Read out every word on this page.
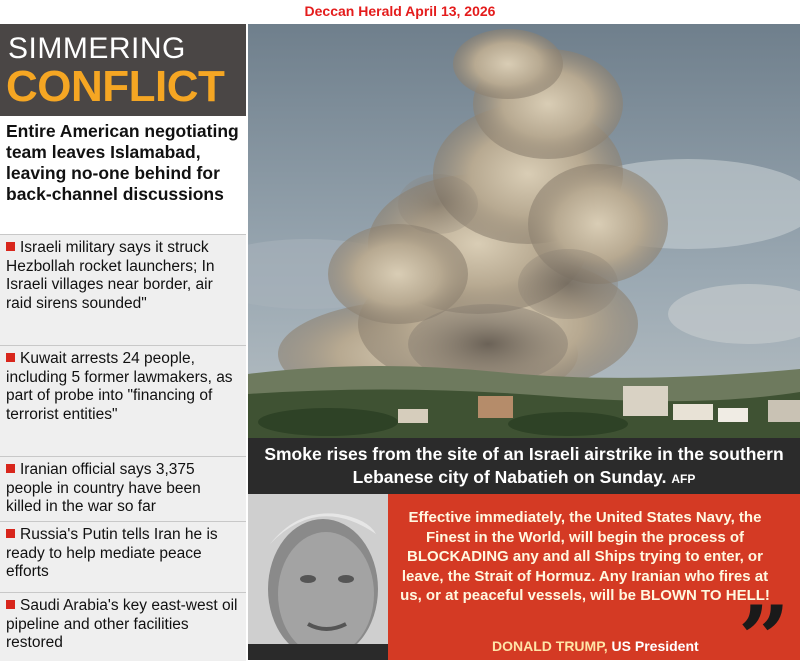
Deccan Herald April 13, 2026
SIMMERING
CONFLICT
Entire American negotiating team leaves Islamabad, leaving no-one behind for back-channel discussions
Israeli military says it struck Hezbollah rocket launchers; In Israeli villages near border, air raid sirens sounded"
Kuwait arrests 24 people, including 5 former lawmakers, as part of probe into "financing of terrorist entities"
Iranian official says 3,375 people in country have been killed in the war so far
Russia's Putin tells Iran he is ready to help mediate peace efforts
Saudi Arabia's key east-west oil pipeline and other facilities restored
Smoke rises from the site of an Israeli airstrike in the southern Lebanese city of Nabatieh on Sunday. AFP
Effective immediately, the United States Navy, the Finest in the World, will begin the process of BLOCKADING any and all Ships trying to enter, or leave, the Strait of Hormuz. Any Iranian who fires at us, or at peaceful vessels, will be BLOWN TO HELL!
DONALD TRUMP, US President ”
